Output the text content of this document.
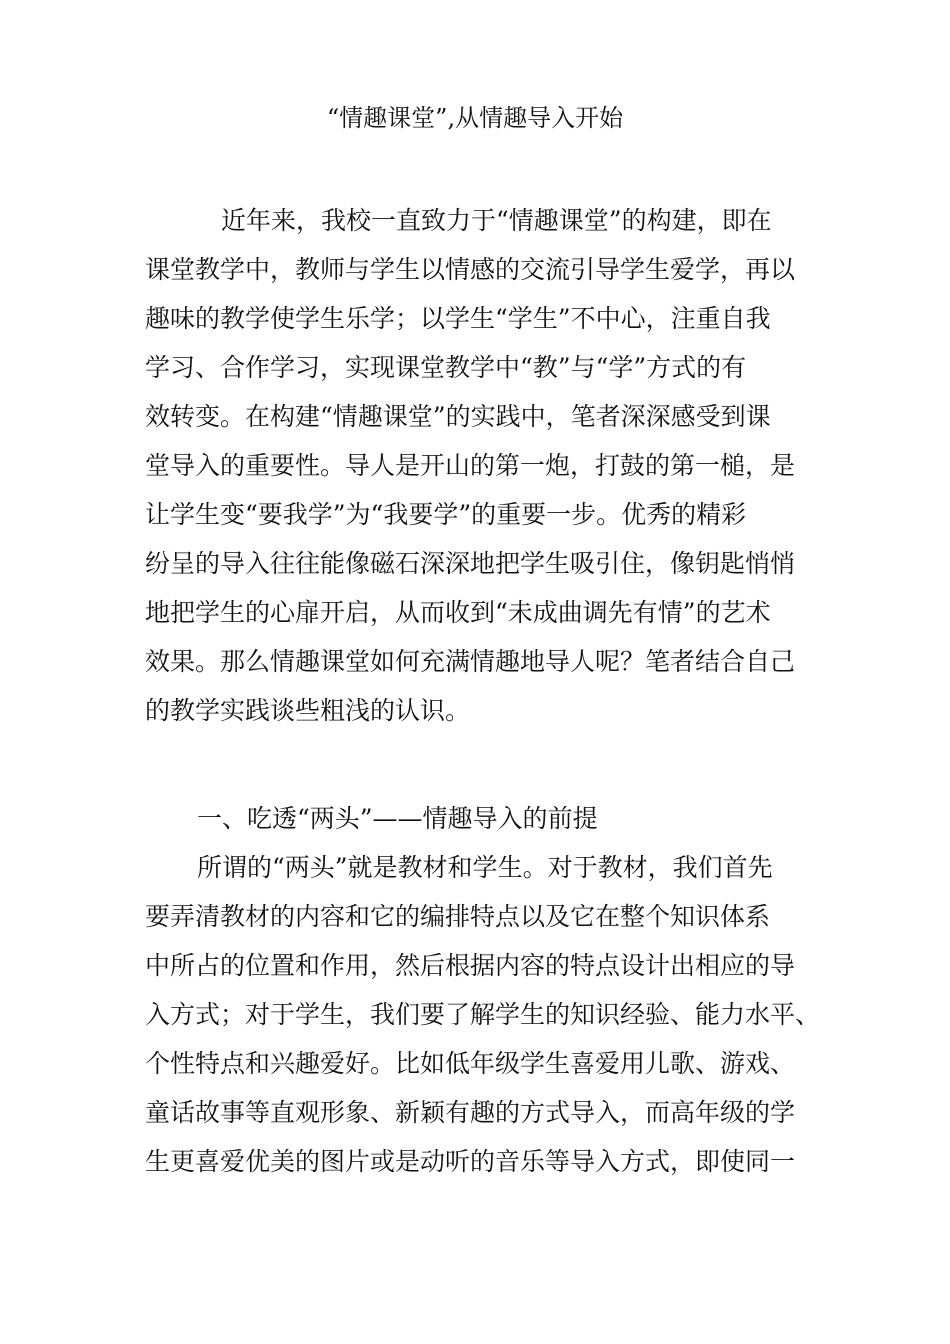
“情趣课堂”,从情趣导入开始
近年来，我校一直致力于“情趣课堂”的构建，即在
课堂教学中，教师与学生以情感的交流引导学生爱学，再以
趣味的教学使学生乐学；以学生“学生”不中心，注重自我
学习、合作学习，实现课堂教学中“教”与“学”方式的有
效转变。在构建“情趣课堂”的实践中，笔者深深感受到课
堂导入的重要性。导人是开山的第一炮，打鼓的第一槌，是
让学生变“要我学”为“我要学”的重要一步。优秀的精彩
纷呈的导入往往能像磁石深深地把学生吸引住，像钥匙悄悄
地把学生的心扉开启，从而收到“未成曲调先有情”的艺术
效果。那么情趣课堂如何充满情趣地导人呢？笔者结合自己
的教学实践谈些粗浅的认识。
一、吃透“两头”——情趣导入的前提
所谓的“两头”就是教材和学生。对于教材，我们首先
要弄清教材的内容和它的编排特点以及它在整个知识体系
中所占的位置和作用，然后根据内容的特点设计出相应的导
入方式；对于学生，我们要了解学生的知识经验、能力水平、
个性特点和兴趣爱好。比如低年级学生喜爱用儿歌、游戏、
童话故事等直观形象、新颖有趣的方式导入，而高年级的学
生更喜爱优美的图片或是动听的音乐等导入方式，即使同一
